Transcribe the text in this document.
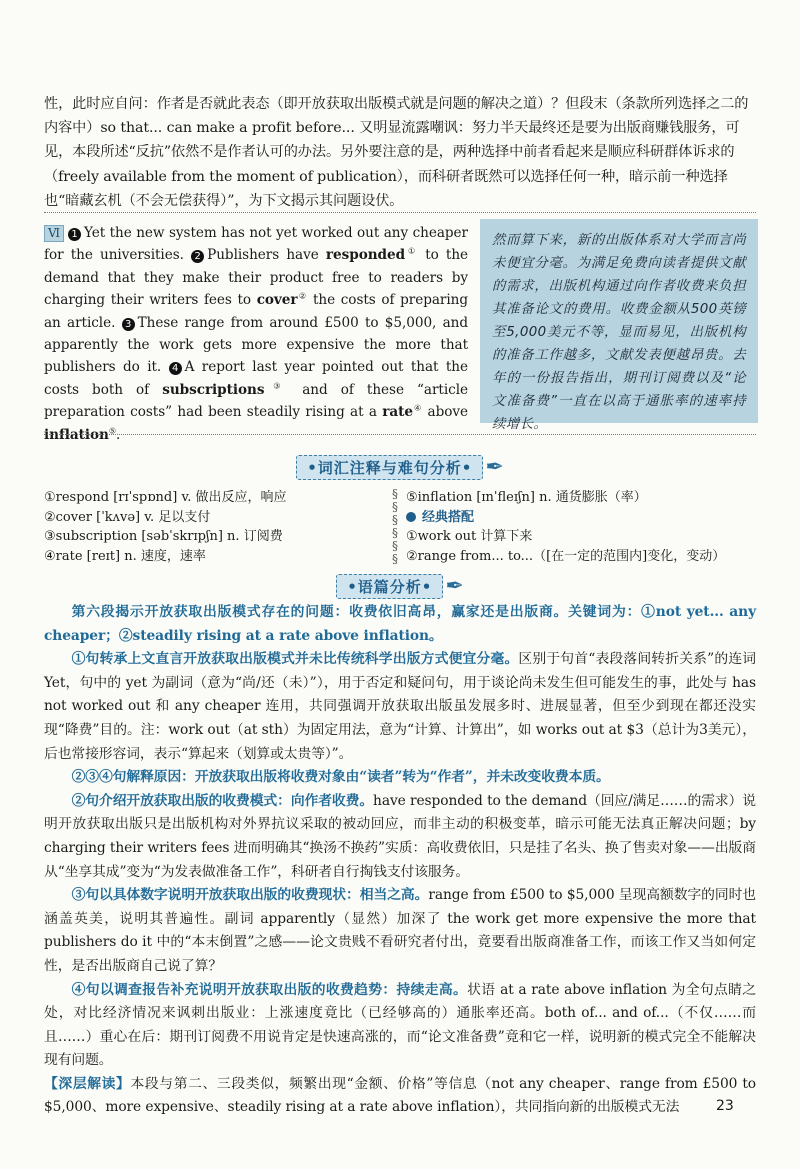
性，此时应自问：作者是否就此表态（即开放获取出版模式就是问题的解决之道）？但段末（条款所列选择之二的内容中）so that... can make a profit before... 又明显流露嘲讽：努力半天最终还是要为出版商赚钱服务，可见，本段所述“反抗”依然不是作者认可的办法。另外要注意的是，两种选择中前者看起来是顺应科研群体诉求的（freely available from the moment of publication），而科研者既然可以选择任何一种，暗示前一种选择也“暗藏玄机（不会无偿获得）”，为下文揭示其问题设伏。

Ⅵ 1 Yet the new system has not yet worked out any cheaper for the universities. 2 Publishers have responded① to the demand that they make their product free to readers by charging their writers fees to cover② the costs of preparing an article. 3 These range from around £500 to $5,000, and apparently the work gets more expensive the more that publishers do it. 4 A report last year pointed out that the costs both of subscriptions③ and of these “article preparation costs” had been steadily rising at a rate④ above inflation⑤.

然而算下来，新的出版体系对大学而言尚未便宜分毫。为满足免费向读者提供文献的需求，出版机构通过向作者收费来负担其准备论文的费用。收费金额从500英镑至5,000美元不等，显而易见，出版机构的准备工作越多，文献发表便越昂贵。去年的一份报告指出，期刊订阅费以及“论文准备费”一直在以高于通胀率的速率持续增长。
•词汇注释与难句分析• ✒
①respond [rɪˈspɒnd] v. 做出反应，响应
②cover [ˈkʌvə] v. 足以支付
③subscription [səbˈskrɪpʃn] n. 订阅费
④rate [reɪt] n. 速度，速率
§
§
§
§
§
§
⑤inflation [ɪnˈfleɪʃn] n. 通货膨胀（率）
经典搭配
①work out 计算下来
②range from... to...（[在一定的范围内]变化，变动）
•语篇分析• ✒

第六段揭示开放获取出版模式存在的问题：收费依旧高昂，赢家还是出版商。关键词为：①not yet... any cheaper；②steadily rising at a rate above inflation。

①句转承上文直言开放获取出版模式并未比传统科学出版方式便宜分毫。区别于句首“表段落间转折关系”的连词 Yet，句中的 yet 为副词（意为“尚/还（未）”），用于否定和疑问句，用于谈论尚未发生但可能发生的事，此处与 has not worked out 和 any cheaper 连用，共同强调开放获取出版虽发展多时、进展显著，但至少到现在都还没实现“降费”目的。注：work out（at sth）为固定用法，意为“计算、计算出”，如 works out at $3（总计为3美元），后也常接形容词，表示“算起来（划算或太贵等）”。

②③④句解释原因：开放获取出版将收费对象由“读者”转为“作者”，并未改变收费本质。

②句介绍开放获取出版的收费模式：向作者收费。have responded to the demand（回应/满足……的需求）说明开放获取出版只是出版机构对外界抗议采取的被动回应，而非主动的积极变革，暗示可能无法真正解决问题；by charging their writers fees 进而明确其“换汤不换药”实质：高收费依旧，只是挂了名头、换了售卖对象——出版商从“坐享其成”变为“为发表做准备工作”，科研者自行掏钱支付该服务。

③句以具体数字说明开放获取出版的收费现状：相当之高。range from £500 to $5,000 呈现高额数字的同时也涵盖英美，说明其普遍性。副词 apparently（显然）加深了 the work get more expensive the more that publishers do it 中的“本末倒置”之感——论文贵贱不看研究者付出，竟要看出版商准备工作，而该工作又当如何定性，是否出版商自己说了算？

④句以调查报告补充说明开放获取出版的收费趋势：持续走高。状语 at a rate above inflation 为全句点睛之处，对比经济情况来讽刺出版业：上涨速度竟比（已经够高的）通胀率还高。both of... and of...（不仅……而且……）重心在后：期刊订阅费不用说肯定是快速高涨的，而“论文准备费”竟和它一样，说明新的模式完全不能解决现有问题。

【深层解读】本段与第二、三段类似，频繁出现“金额、价格”等信息（not any cheaper、range from £500 to $5,000、more expensive、steadily rising at a rate above inflation），共同指向新的出版模式无法	23
